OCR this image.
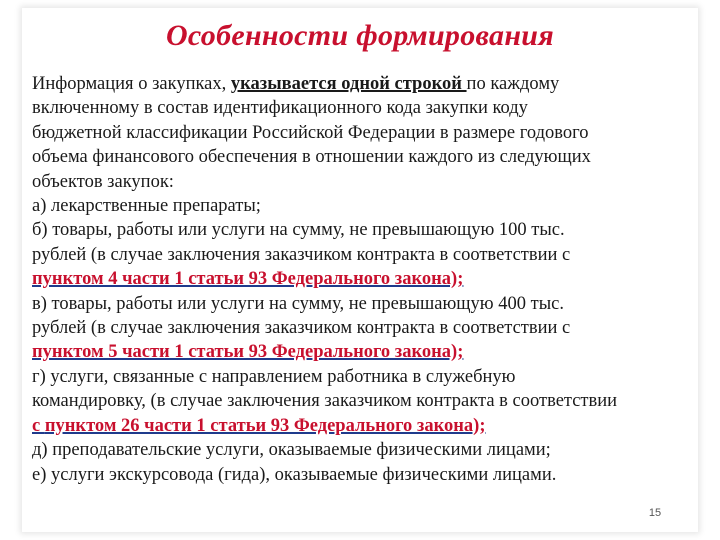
Особенности формирования
Информация о закупках, указывается одной строкой по каждому
включенному в состав идентификационного кода закупки коду
бюджетной классификации Российской Федерации в размере годового
объема финансового обеспечения в отношении каждого из следующих
объектов закупок:
а) лекарственные препараты;
б) товары, работы или услуги на сумму, не превышающую 100 тыс.
рублей (в случае заключения заказчиком контракта в соответствии с
пунктом 4 части 1 статьи 93 Федерального закона);
в) товары, работы или услуги на сумму, не превышающую 400 тыс.
рублей (в случае заключения заказчиком контракта в соответствии с
пунктом 5 части 1 статьи 93 Федерального закона);
г) услуги, связанные с направлением работника в служебную
командировку, (в случае заключения заказчиком контракта в соответствии
с пунктом 26 части 1 статьи 93 Федерального закона);
д) преподавательские услуги, оказываемые физическими лицами;
е) услуги экскурсовода (гида), оказываемые физическими лицами.
15
